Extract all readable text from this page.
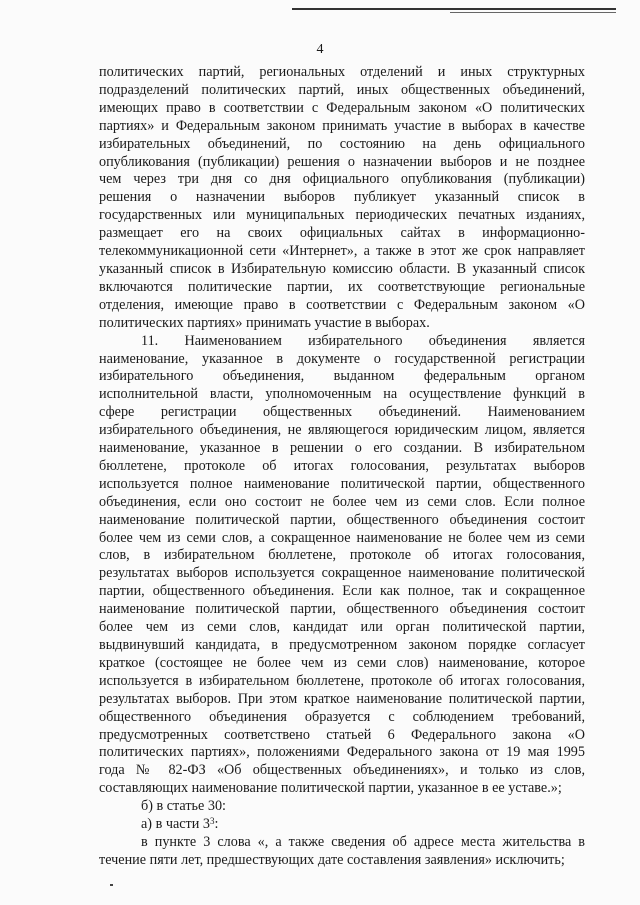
4
политических партий, региональных отделений и иных структурных
подразделений политических партий, иных общественных объединений,
имеющих право в соответствии с Федеральным законом «О политических
партиях» и Федеральным законом принимать участие в выборах в качестве
избирательных объединений, по состоянию на день официального
опубликования (публикации) решения о назначении выборов и не позднее
чем через три дня со дня официального опубликования (публикации)
решения о назначении выборов публикует указанный список в
государственных или муниципальных периодических печатных изданиях,
размещает его на своих официальных сайтах в информационно-
телекоммуникационной сети «Интернет», а также в этот же срок направляет
указанный список в Избирательную комиссию области. В указанный список
включаются политические партии, их соответствующие региональные
отделения, имеющие право в соответствии с Федеральным законом «О
политических партиях» принимать участие в выборах.
11. Наименованием избирательного объединения является
наименование, указанное в документе о государственной регистрации
избирательного объединения, выданном федеральным органом
исполнительной власти, уполномоченным на осуществление функций в
сфере регистрации общественных объединений. Наименованием
избирательного объединения, не являющегося юридическим лицом, является
наименование, указанное в решении о его создании. В избирательном
бюллетене, протоколе об итогах голосования, результатах выборов
используется полное наименование политической партии, общественного
объединения, если оно состоит не более чем из семи слов. Если полное
наименование политической партии, общественного объединения состоит
более чем из семи слов, а сокращенное наименование не более чем из семи
слов, в избирательном бюллетене, протоколе об итогах голосования,
результатах выборов используется сокращенное наименование политической
партии, общественного объединения. Если как полное, так и сокращенное
наименование политической партии, общественного объединения состоит
более чем из семи слов, кандидат или орган политической партии,
выдвинувший кандидата, в предусмотренном законом порядке согласует
краткое (состоящее не более чем из семи слов) наименование, которое
используется в избирательном бюллетене, протоколе об итогах голосования,
результатах выборов. При этом краткое наименование политической партии,
общественного объединения образуется с соблюдением требований,
предусмотренных соответствено статьей 6 Федерального закона «О
политических партиях», положениями Федерального закона от 19 мая 1995
года № 82-ФЗ «Об общественных объединениях», и только из слов,
составляющих наименование политической партии, указанное в ее уставе.»;
б) в статье 30:
а) в части $3^3$:
в пункте 3 слова «, а также сведения об адресе места жительства в
течение пяти лет, предшествующих дате составления заявления» исключить;
